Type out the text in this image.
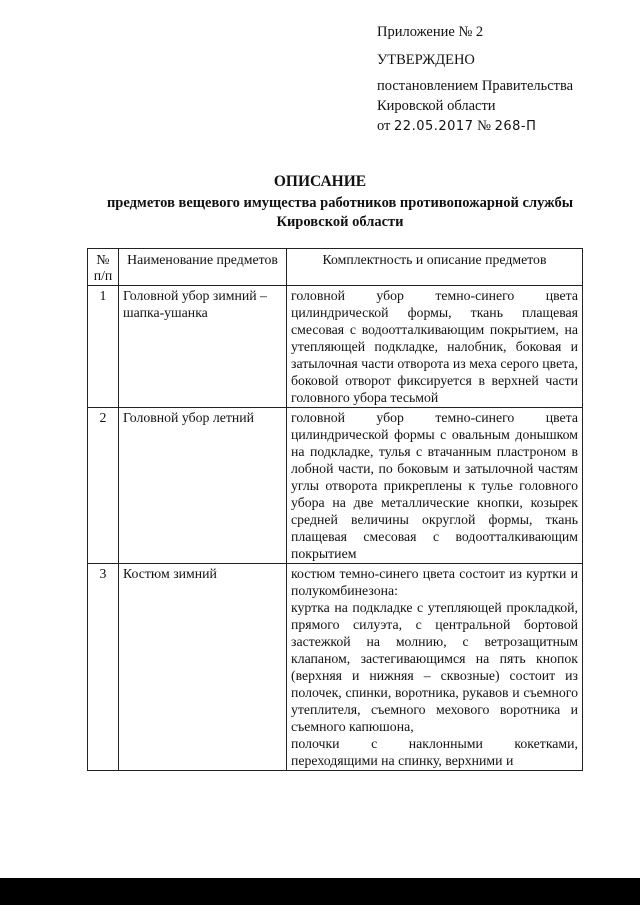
Приложение № 2
УТВЕРЖДЕНО
постановлением Правительства
Кировской области
от 22.05.2017 № 268-П
ОПИСАНИЕ
предметов вещевого имущества работников противопожарной службы Кировской области
№ п/п	Наименование предметов	Комплектность и описание предметов
1	Головной убор зимний – шапка-ушанка	головной убор темно-синего цвета цилиндрической формы, ткань плащевая смесовая с водоотталкивающим покрытием, на утепляющей подкладке, налобник, боковая и затылочная части отворота из меха серого цвета, боковой отворот фиксируется в верхней части головного убора тесьмой
2	Головной убор летний	головной убор темно-синего цвета цилиндрической формы с овальным донышком на подкладке, тулья с втачанным пластроном в лобной части, по боковым и затылочной частям углы отворота прикреплены к тулье головного убора на две металлические кнопки, козырек средней величины округлой формы, ткань плащевая смесовая с водоотталкивающим покрытием
3	Костюм зимний	костюм темно-синего цвета состоит из куртки и полукомбинезона:
куртка на подкладке с утепляющей прокладкой, прямого силуэта, с центральной бортовой застежкой на молнию, с ветрозащитным клапаном, застегивающимся на пять кнопок (верхняя и нижняя – сквозные) состоит из полочек, спинки, воротника, рукавов и съемного утеплителя, съемного мехового воротника и съемного капюшона,
полочки с наклонными кокетками, переходящими на спинку, верхними и
